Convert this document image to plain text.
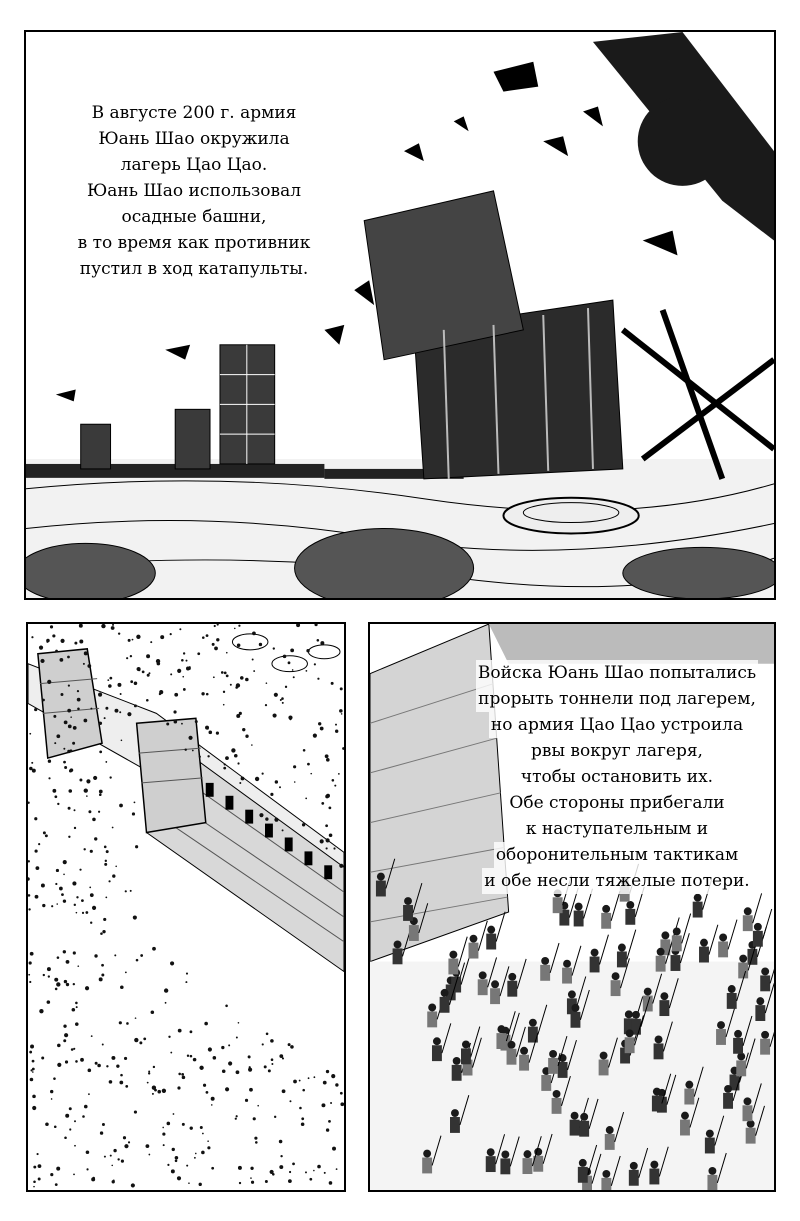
В августе 200 г. армия
Юань Шао окружила
лагерь Цао Цао.
Юань Шао использовал
осадные башни,
в то время как противник
пустил в ход катапульты.
Войска Юань Шао попытались
прорыть тоннели под лагерем,
но армия Цао Цао устроила
рвы вокруг лагеря,
чтобы остановить их.
Обе стороны прибегали
к наступательным и
оборонительным тактикам
и обе несли тяжелые потери.
